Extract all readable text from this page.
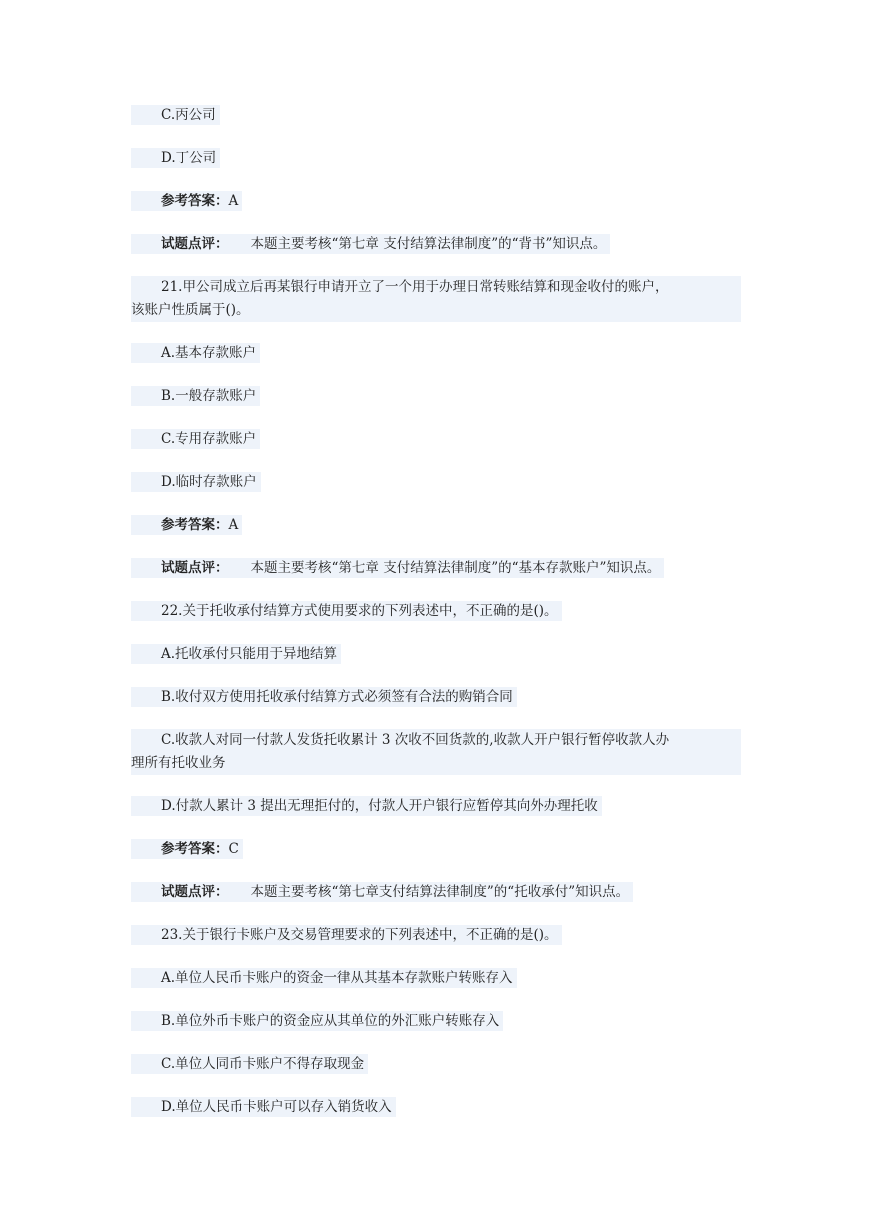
C.丙公司

D.丁公司

参考答案：A

试题点评： 本题主要考核“第七章 支付结算法律制度”的“背书”知识点。

21.甲公司成立后再某银行申请开立了一个用于办理日常转账结算和现金收付的账户，
该账户性质属于()。

A.基本存款账户

B.一般存款账户

C.专用存款账户

D.临时存款账户

参考答案：A

试题点评： 本题主要考核“第七章 支付结算法律制度”的“基本存款账户”知识点。

22.关于托收承付结算方式使用要求的下列表述中，不正确的是()。

A.托收承付只能用于异地结算

B.收付双方使用托收承付结算方式必须签有合法的购销合同

C.收款人对同一付款人发货托收累计 3 次收不回货款的,收款人开户银行暂停收款人办
理所有托收业务

D.付款人累计 3 提出无理拒付的，付款人开户银行应暂停其向外办理托收

参考答案：C

试题点评： 本题主要考核“第七章支付结算法律制度”的“托收承付”知识点。

23.关于银行卡账户及交易管理要求的下列表述中，不正确的是()。

A.单位人民币卡账户的资金一律从其基本存款账户转账存入

B.单位外币卡账户的资金应从其单位的外汇账户转账存入

C.单位人同币卡账户不得存取现金

D.单位人民币卡账户可以存入销货收入
